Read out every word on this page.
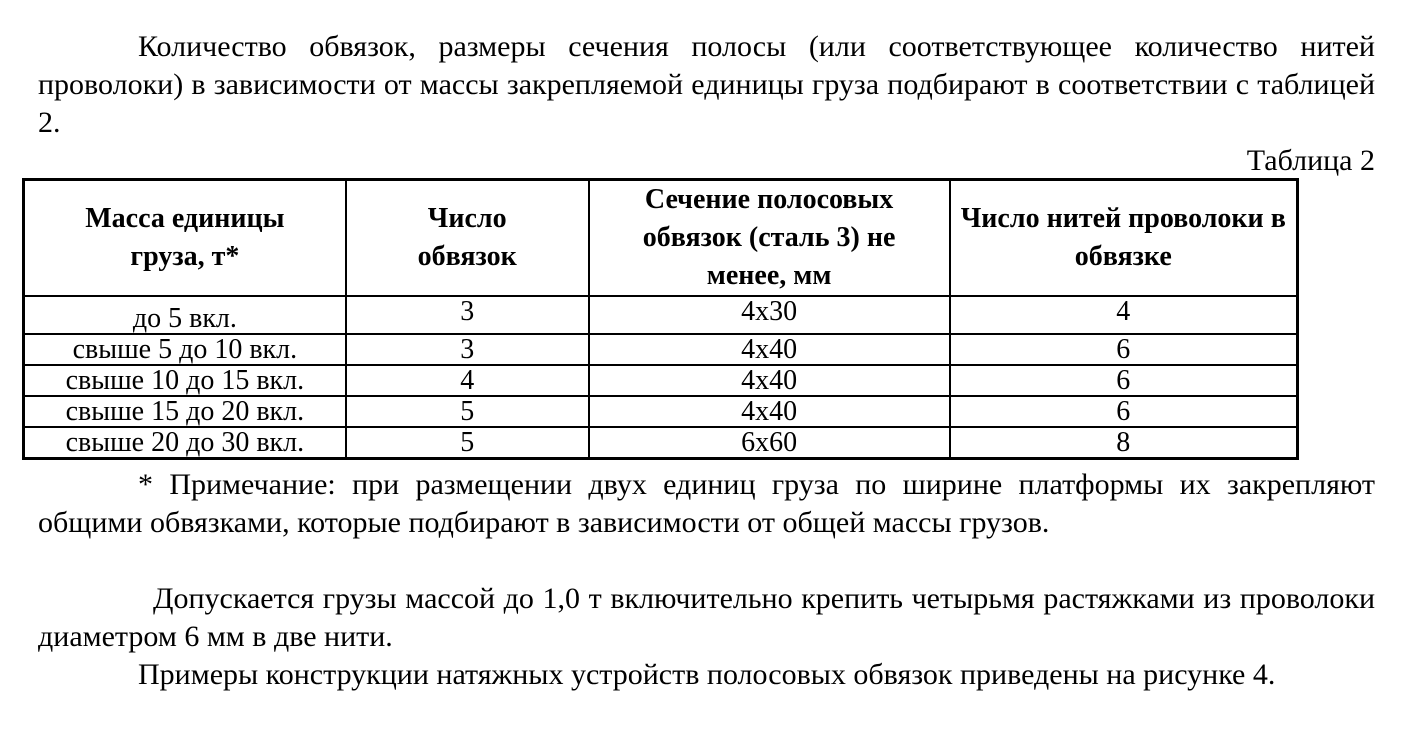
Количество обвязок, размеры сечения полосы (или соответствующее количество нитей проволоки) в зависимости от массы закрепляемой единицы груза подбирают в соответствии с таблицей 2.

Таблица 2
Масса единицы груза, т*	Число обвязок	Сечение полосовых обвязок (сталь 3) не менее, мм	Число нитей проволоки в обвязке
до 5 вкл.	3	4x30	4
свыше 5 до 10 вкл.	3	4x40	6
свыше 10 до 15 вкл.	4	4x40	6
свыше 15 до 20 вкл.	5	4x40	6
свыше 20 до 30 вкл.	5	6x60	8

* Примечание: при размещении двух единиц груза по ширине платформы их закрепляют общими обвязками, которые подбирают в зависимости от общей массы грузов.

Допускается грузы массой до 1,0 т включительно крепить четырьмя растяжками из проволоки диаметром 6 мм в две нити.

Примеры конструкции натяжных устройств полосовых обвязок приведены на рисунке 4.
